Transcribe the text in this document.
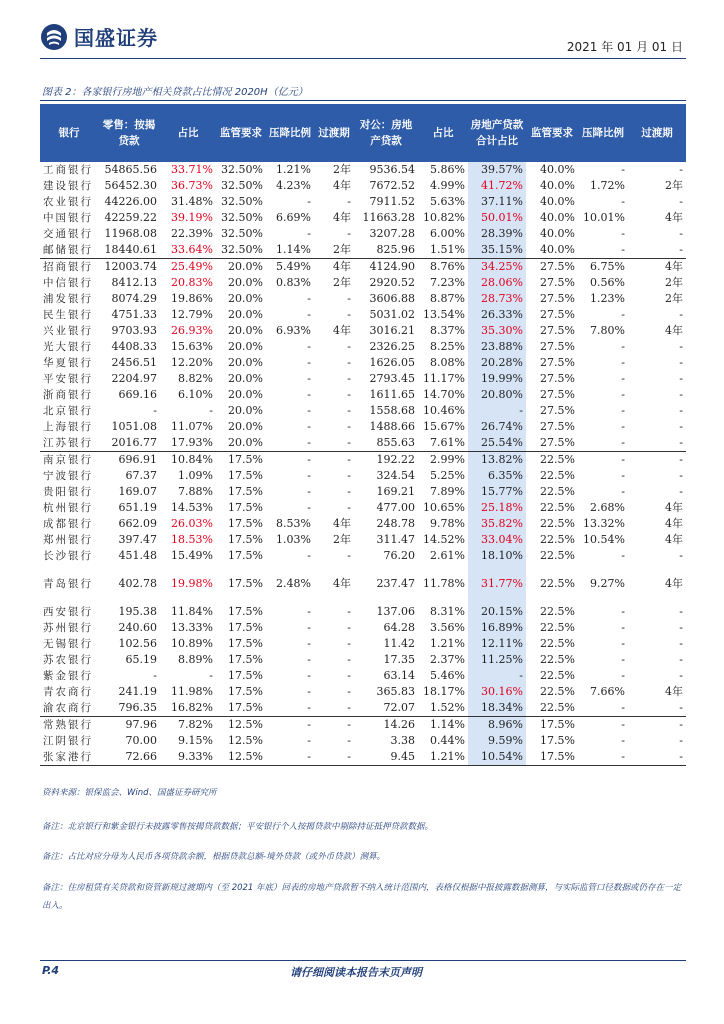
国盛证券	2021 年 01 月 01 日
图表 2：各家银行房地产相关贷款占比情况 2020H（亿元）
银行	零售：按揭贷款	占比	监管要求	压降比例	过渡期	对公：房地产贷款	占比	房地产贷款合计占比	监管要求	压降比例	过渡期
工商银行	54865.56	33.71%	32.50%	1.21%	2年	9536.54	5.86%	39.57%	40.0%	-	-
建设银行	56452.30	36.73%	32.50%	4.23%	4年	7672.52	4.99%	41.72%	40.0%	1.72%	2年
农业银行	44226.00	31.48%	32.50%	-	-	7911.52	5.63%	37.11%	40.0%	-	-
中国银行	42259.22	39.19%	32.50%	6.69%	4年	11663.28	10.82%	50.01%	40.0%	10.01%	4年
交通银行	11968.08	22.39%	32.50%	-	-	3207.28	6.00%	28.39%	40.0%	-	-
邮储银行	18440.61	33.64%	32.50%	1.14%	2年	825.96	1.51%	35.15%	40.0%	-	-
招商银行	12003.74	25.49%	20.0%	5.49%	4年	4124.90	8.76%	34.25%	27.5%	6.75%	4年
中信银行	8412.13	20.83%	20.0%	0.83%	2年	2920.52	7.23%	28.06%	27.5%	0.56%	2年
浦发银行	8074.29	19.86%	20.0%	-	-	3606.88	8.87%	28.73%	27.5%	1.23%	2年
民生银行	4751.33	12.79%	20.0%	-	-	5031.02	13.54%	26.33%	27.5%	-	-
兴业银行	9703.93	26.93%	20.0%	6.93%	4年	3016.21	8.37%	35.30%	27.5%	7.80%	4年
光大银行	4408.33	15.63%	20.0%	-	-	2326.25	8.25%	23.88%	27.5%	-	-
华夏银行	2456.51	12.20%	20.0%	-	-	1626.05	8.08%	20.28%	27.5%	-	-
平安银行	2204.97	8.82%	20.0%	-	-	2793.45	11.17%	19.99%	27.5%	-	-
浙商银行	669.16	6.10%	20.0%	-	-	1611.65	14.70%	20.80%	27.5%	-	-
北京银行	-	-	20.0%	-	-	1558.68	10.46%	-	27.5%	-	-
上海银行	1051.08	11.07%	20.0%	-	-	1488.66	15.67%	26.74%	27.5%	-	-
江苏银行	2016.77	17.93%	20.0%	-	-	855.63	7.61%	25.54%	27.5%	-	-
南京银行	696.91	10.84%	17.5%	-	-	192.22	2.99%	13.82%	22.5%	-	-
宁波银行	67.37	1.09%	17.5%	-	-	324.54	5.25%	6.35%	22.5%	-	-
贵阳银行	169.07	7.88%	17.5%	-	-	169.21	7.89%	15.77%	22.5%	-	-
杭州银行	651.19	14.53%	17.5%	-	-	477.00	10.65%	25.18%	22.5%	2.68%	4年
成都银行	662.09	26.03%	17.5%	8.53%	4年	248.78	9.78%	35.82%	22.5%	13.32%	4年
郑州银行	397.47	18.53%	17.5%	1.03%	2年	311.47	14.52%	33.04%	22.5%	10.54%	4年
长沙银行	451.48	15.49%	17.5%	-	-	76.20	2.61%	18.10%	22.5%	-	-
青岛银行	402.78	19.98%	17.5%	2.48%	4年	237.47	11.78%	31.77%	22.5%	9.27%	4年
西安银行	195.38	11.84%	17.5%	-	-	137.06	8.31%	20.15%	22.5%	-	-
苏州银行	240.60	13.33%	17.5%	-	-	64.28	3.56%	16.89%	22.5%	-	-
无锡银行	102.56	10.89%	17.5%	-	-	11.42	1.21%	12.11%	22.5%	-	-
苏农银行	65.19	8.89%	17.5%	-	-	17.35	2.37%	11.25%	22.5%	-	-
紫金银行	-	-	17.5%	-	-	63.14	5.46%	-	22.5%	-	-
青农商行	241.19	11.98%	17.5%	-	-	365.83	18.17%	30.16%	22.5%	7.66%	4年
渝农商行	796.35	16.82%	17.5%	-	-	72.07	1.52%	18.34%	22.5%	-	-
常熟银行	97.96	7.82%	12.5%	-	-	14.26	1.14%	8.96%	17.5%	-	-
江阴银行	70.00	9.15%	12.5%	-	-	3.38	0.44%	9.59%	17.5%	-	-
张家港行	72.66	9.33%	12.5%	-	-	9.45	1.21%	10.54%	17.5%	-	-
资料来源：银保监会、Wind、国盛证券研究所
备注：北京银行和紫金银行未披露零售按揭贷款数据；平安银行个人按揭贷款中剔除持证抵押贷款数据。
备注：占比对应分母为人民币各项贷款余额，根据贷款总额-境外贷款（或外币贷款）测算。
备注：住房租赁有关贷款和资管新规过渡期内（至 2021 年底）回表的房地产贷款暂不纳入统计范围内，表格仅根据中报披露数据测算，与实际监管口径数据或仍存在一定出入。
P.4	请仔细阅读本报告末页声明
